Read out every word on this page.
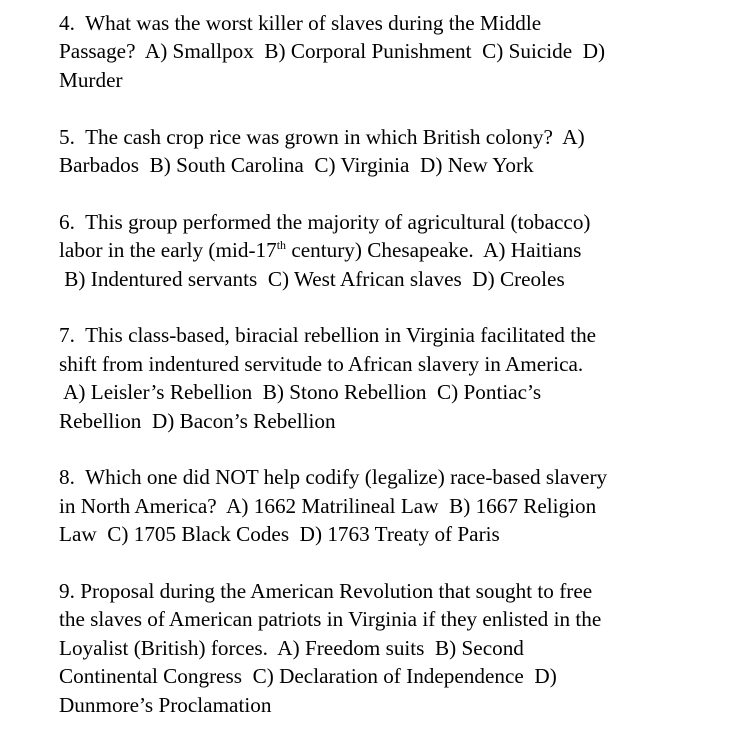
4.  What was the worst killer of slaves during the Middle
Passage?  A) Smallpox  B) Corporal Punishment  C) Suicide  D)
Murder
5.  The cash crop rice was grown in which British colony?  A)
Barbados  B) South Carolina  C) Virginia  D) New York
6.  This group performed the majority of agricultural (tobacco)
labor in the early (mid-17th century) Chesapeake.  A) Haitians
B) Indentured servants  C) West African slaves  D) Creoles
7.  This class-based, biracial rebellion in Virginia facilitated the
shift from indentured servitude to African slavery in America.
A) Leisler’s Rebellion  B) Stono Rebellion  C) Pontiac’s
Rebellion  D) Bacon’s Rebellion
8.  Which one did NOT help codify (legalize) race-based slavery
in North America?  A) 1662 Matrilineal Law  B) 1667 Religion
Law  C) 1705 Black Codes  D) 1763 Treaty of Paris
9. Proposal during the American Revolution that sought to free
the slaves of American patriots in Virginia if they enlisted in the
Loyalist (British) forces.  A) Freedom suits  B) Second
Continental Congress  C) Declaration of Independence  D)
Dunmore’s Proclamation
